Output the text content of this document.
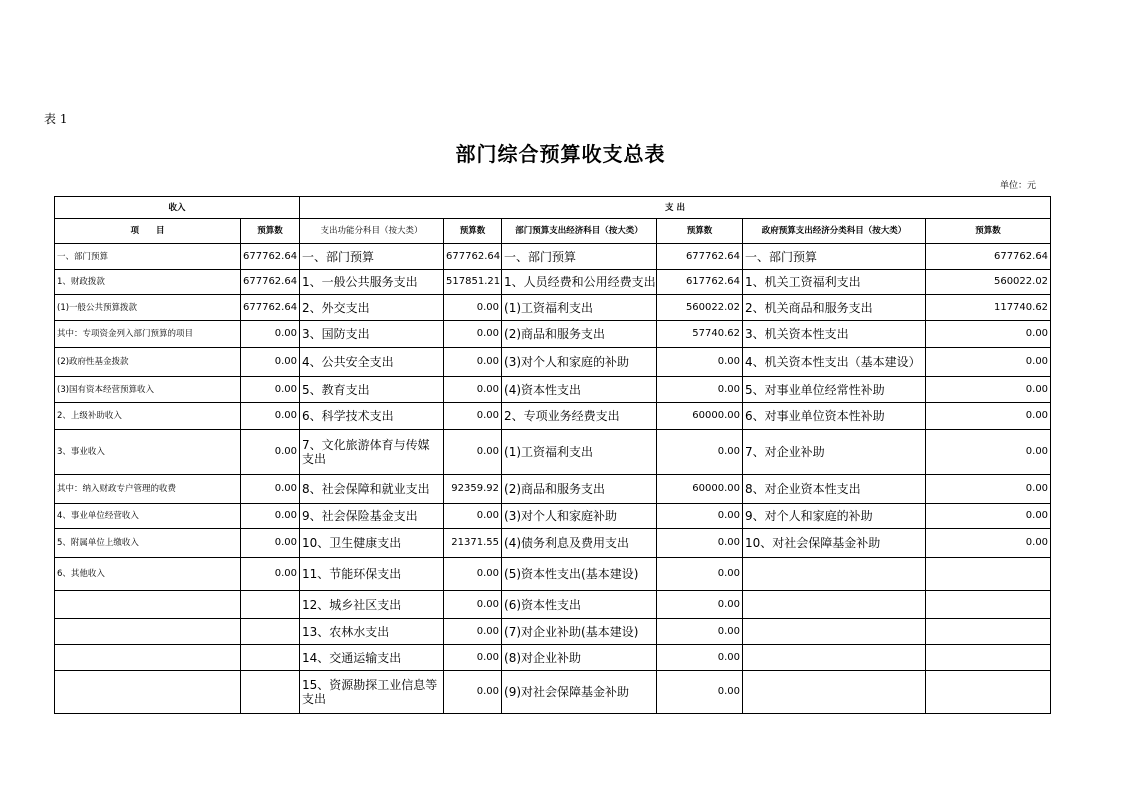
表 1
部门综合预算收支总表
单位：元
收入		支 出					
项　　目	预算数	支出功能分科目（按大类）	预算数	部门预算支出经济科目（按大类）	预算数	政府预算支出经济分类科目（按大类）	预算数
一、部门预算	677762.64	一、部门预算	677762.64	一、部门预算	677762.64	一、部门预算	677762.64
1、财政拨款	677762.64	1、一般公共服务支出	517851.21	1、人员经费和公用经费支出	617762.64	1、机关工资福利支出	560022.02
(1)一般公共预算拨款	677762.64	2、外交支出	0.00	(1)工资福利支出	560022.02	2、机关商品和服务支出	117740.62
其中：专项资金列入部门预算的项目	0.00	3、国防支出	0.00	(2)商品和服务支出	57740.62	3、机关资本性支出	0.00
(2)政府性基金拨款	0.00	4、公共安全支出	0.00	(3)对个人和家庭的补助	0.00	4、机关资本性支出（基本建设）	0.00
(3)国有资本经营预算收入	0.00	5、教育支出	0.00	(4)资本性支出	0.00	5、对事业单位经常性补助	0.00
2、上级补助收入	0.00	6、科学技术支出	0.00	2、专项业务经费支出	60000.00	6、对事业单位资本性补助	0.00
3、事业收入	0.00	7、文化旅游体育与传媒支出	0.00	(1)工资福利支出	0.00	7、对企业补助	0.00
其中：纳入财政专户管理的收费	0.00	8、社会保障和就业支出	92359.92	(2)商品和服务支出	60000.00	8、对企业资本性支出	0.00
4、事业单位经营收入	0.00	9、社会保险基金支出	0.00	(3)对个人和家庭补助	0.00	9、对个人和家庭的补助	0.00
5、附属单位上缴收入	0.00	10、卫生健康支出	21371.55	(4)债务利息及费用支出	0.00	10、对社会保障基金补助	0.00
6、其他收入	0.00	11、节能环保支出	0.00	(5)资本性支出(基本建设)	0.00		
		12、城乡社区支出	0.00	(6)资本性支出	0.00		
		13、农林水支出	0.00	(7)对企业补助(基本建设)	0.00		
		14、交通运输支出	0.00	(8)对企业补助	0.00		
		15、资源勘探工业信息等支出	0.00	(9)对社会保障基金补助	0.00		
